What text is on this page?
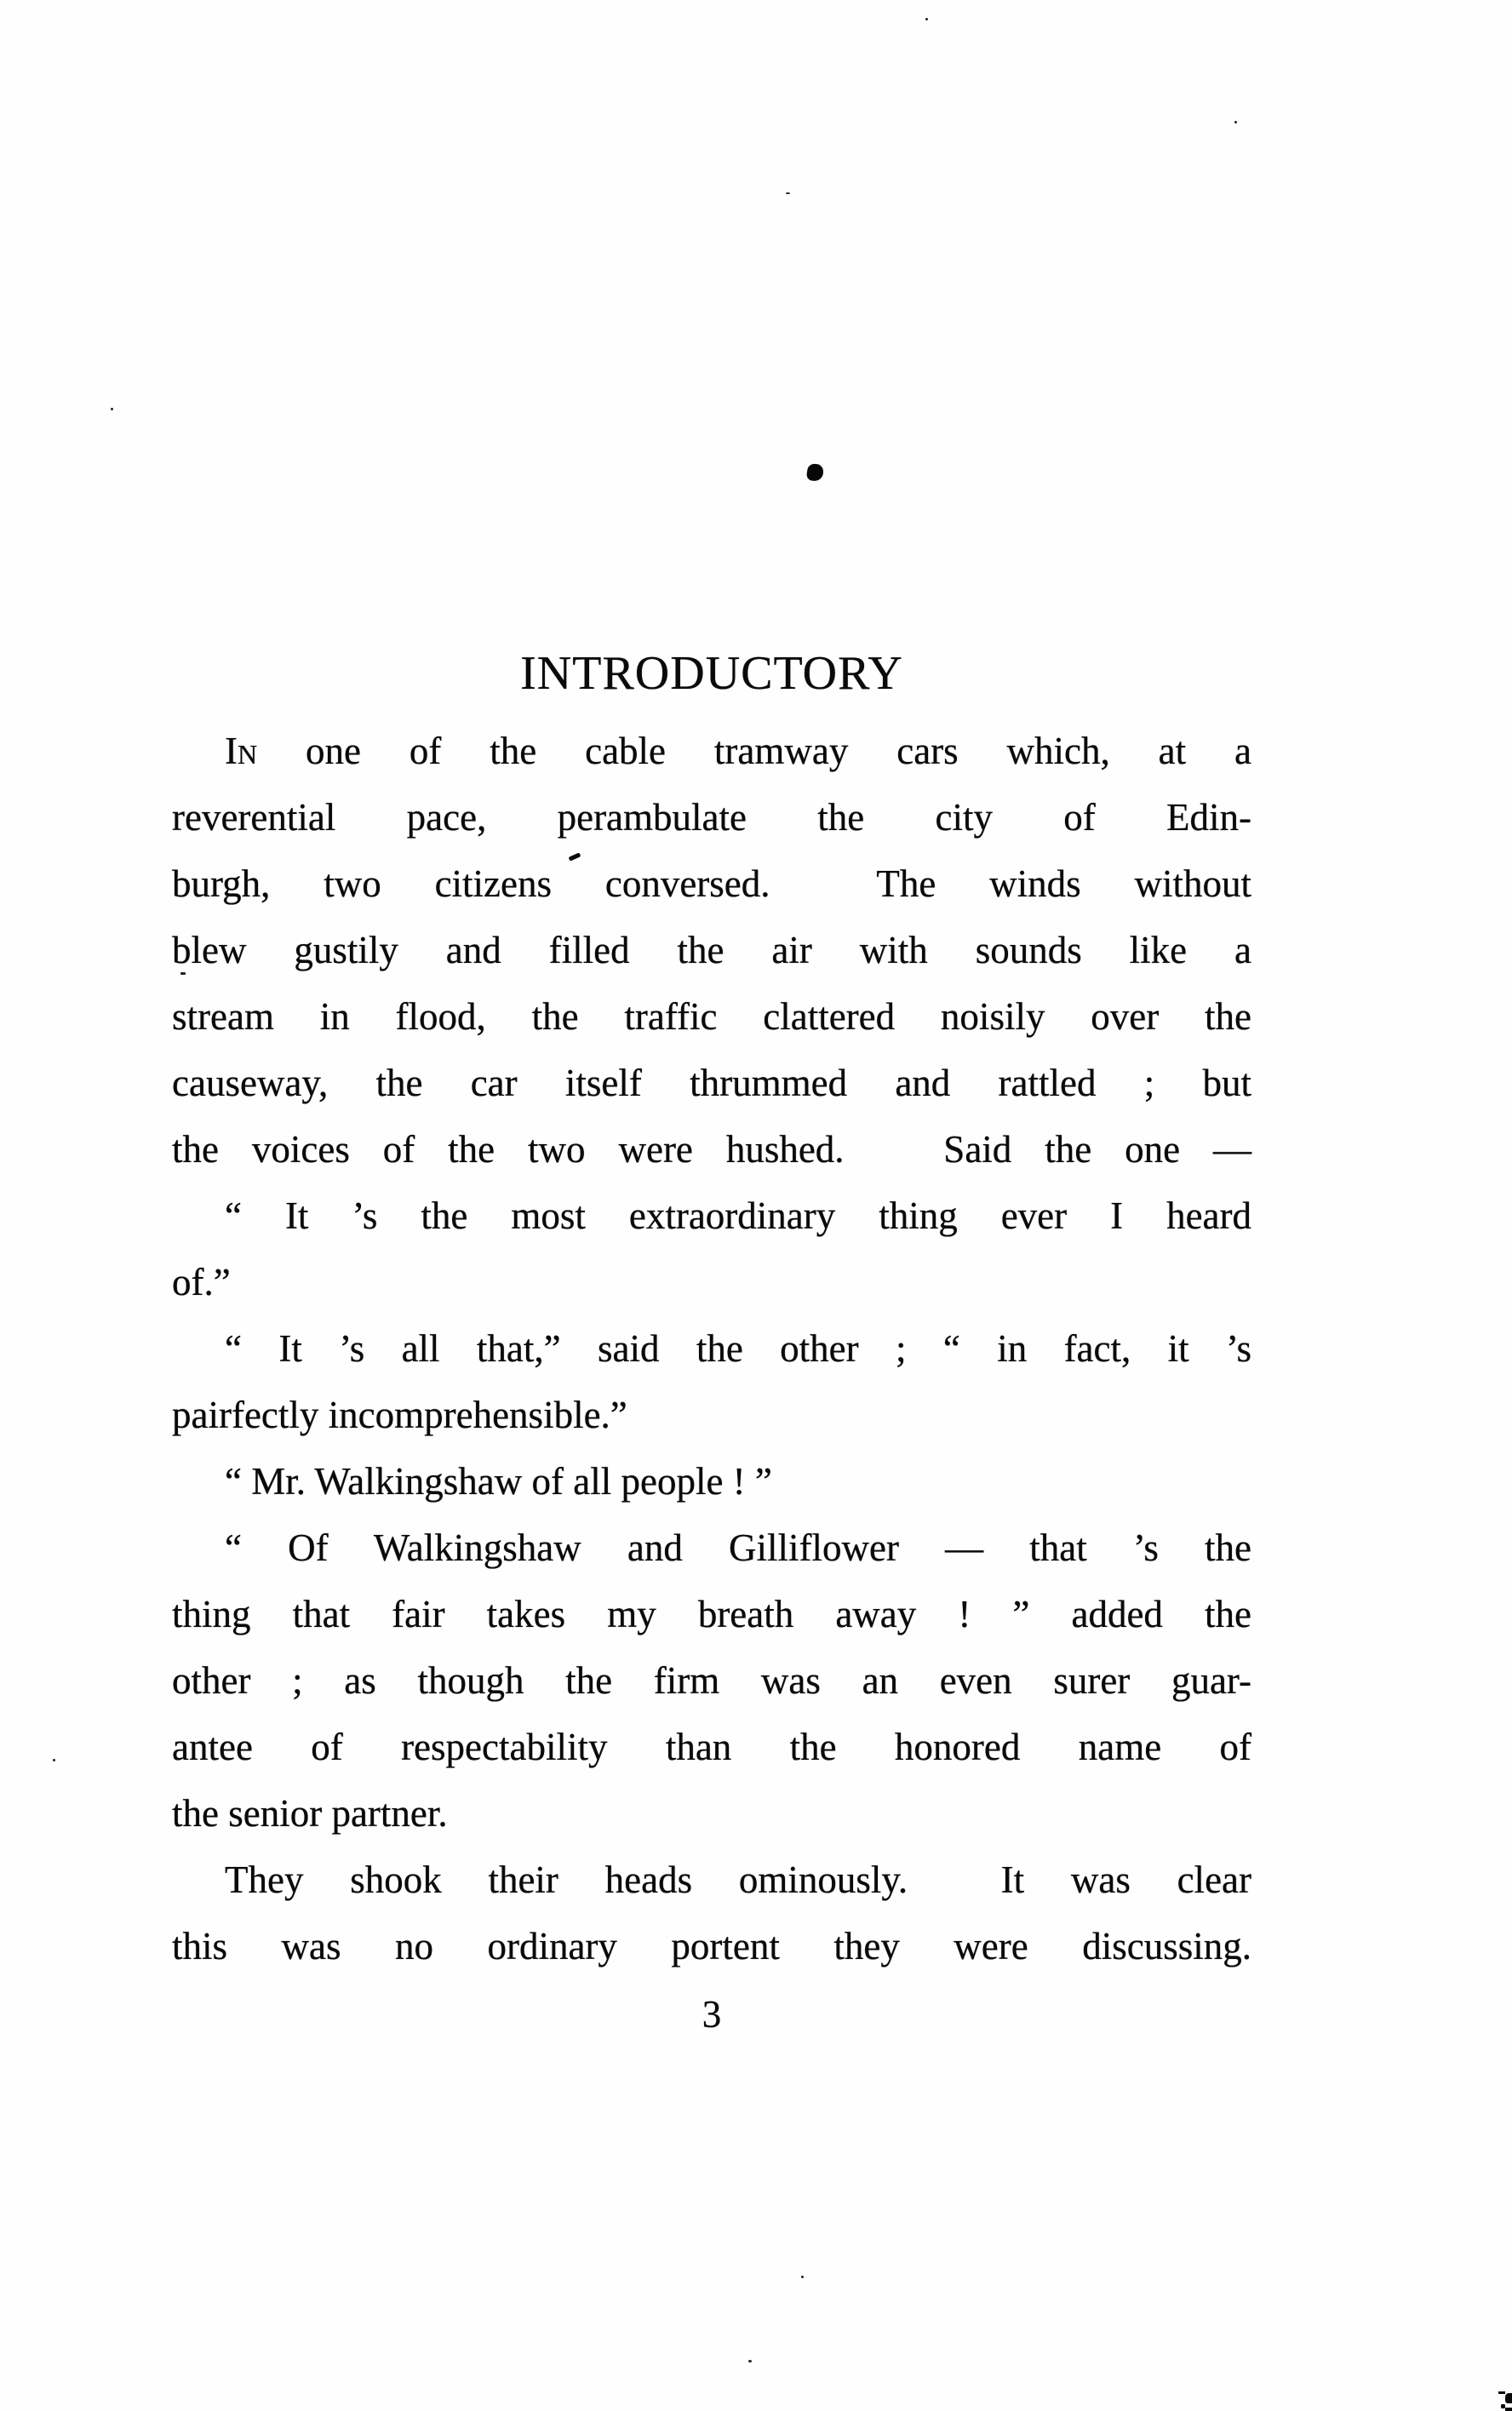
INTRODUCTORY
In one of the cable tramway cars which, at a
reverential pace, perambulate the city of Edin-
burgh, two citizens conversed.  The winds without
blew gustily and filled the air with sounds like a
stream in flood, the traffic clattered noisily over the
causeway, the car itself thrummed and rattled ; but
the voices of the two were hushed.   Said the one —
“ It ’s the most extraordinary thing ever I heard
of.”
“ It ’s all that,” said the other ; “ in fact, it ’s
pairfectly incomprehensible.”
“ Mr. Walkingshaw of all people ! ”
“ Of Walkingshaw and Gilliflower — that ’s the
thing that fair takes my breath away ! ” added the
other ; as though the firm was an even surer guar-
antee of respectability than the honored name of
the senior partner.
They shook their heads ominously.  It was clear
this was no ordinary portent they were discussing.
3
